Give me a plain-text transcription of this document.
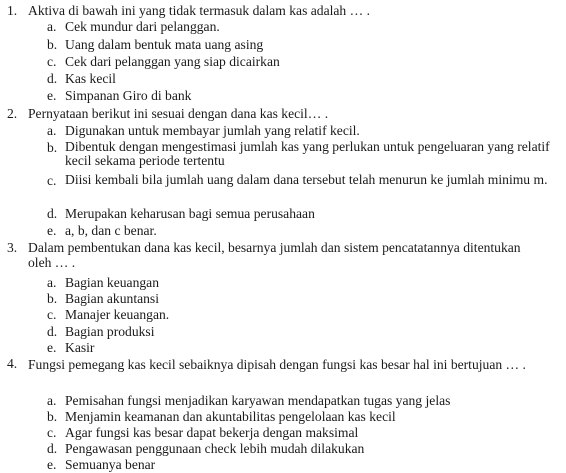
1. Aktiva di bawah ini yang tidak termasuk dalam kas adalah … .
a. Cek mundur dari pelanggan.
b. Uang dalam bentuk mata uang asing
c. Cek dari pelanggan yang siap dicairkan
d. Kas kecil
e. Simpanan Giro di bank
2. Pernyataan berikut ini sesuai dengan dana kas kecil… .
a. Digunakan untuk membayar jumlah yang relatif kecil.
b. Dibentuk dengan mengestimasi jumlah kas yang perlukan untuk pengeluaran yang relatif kecil sekama periode tertentu
c. Diisi kembali bila jumlah uang dalam dana tersebut telah menurun ke jumlah minimu m.
d. Merupakan keharusan bagi semua perusahaan
e. a, b, dan c benar.
3. Dalam pembentukan dana kas kecil, besarnya jumlah dan sistem pencatatannya ditentukan oleh … .
a. Bagian keuangan
b. Bagian akuntansi
c. Manajer keuangan.
d. Bagian produksi
e. Kasir
4. Fungsi pemegang kas kecil sebaiknya dipisah dengan fungsi kas besar hal ini bertujuan … .
a. Pemisahan fungsi menjadikan karyawan mendapatkan tugas yang jelas
b. Menjamin keamanan dan akuntabilitas pengelolaan kas kecil
c. Agar fungsi kas besar dapat bekerja dengan maksimal
d. Pengawasan penggunaan check lebih mudah dilakukan
e. Semuanya benar
